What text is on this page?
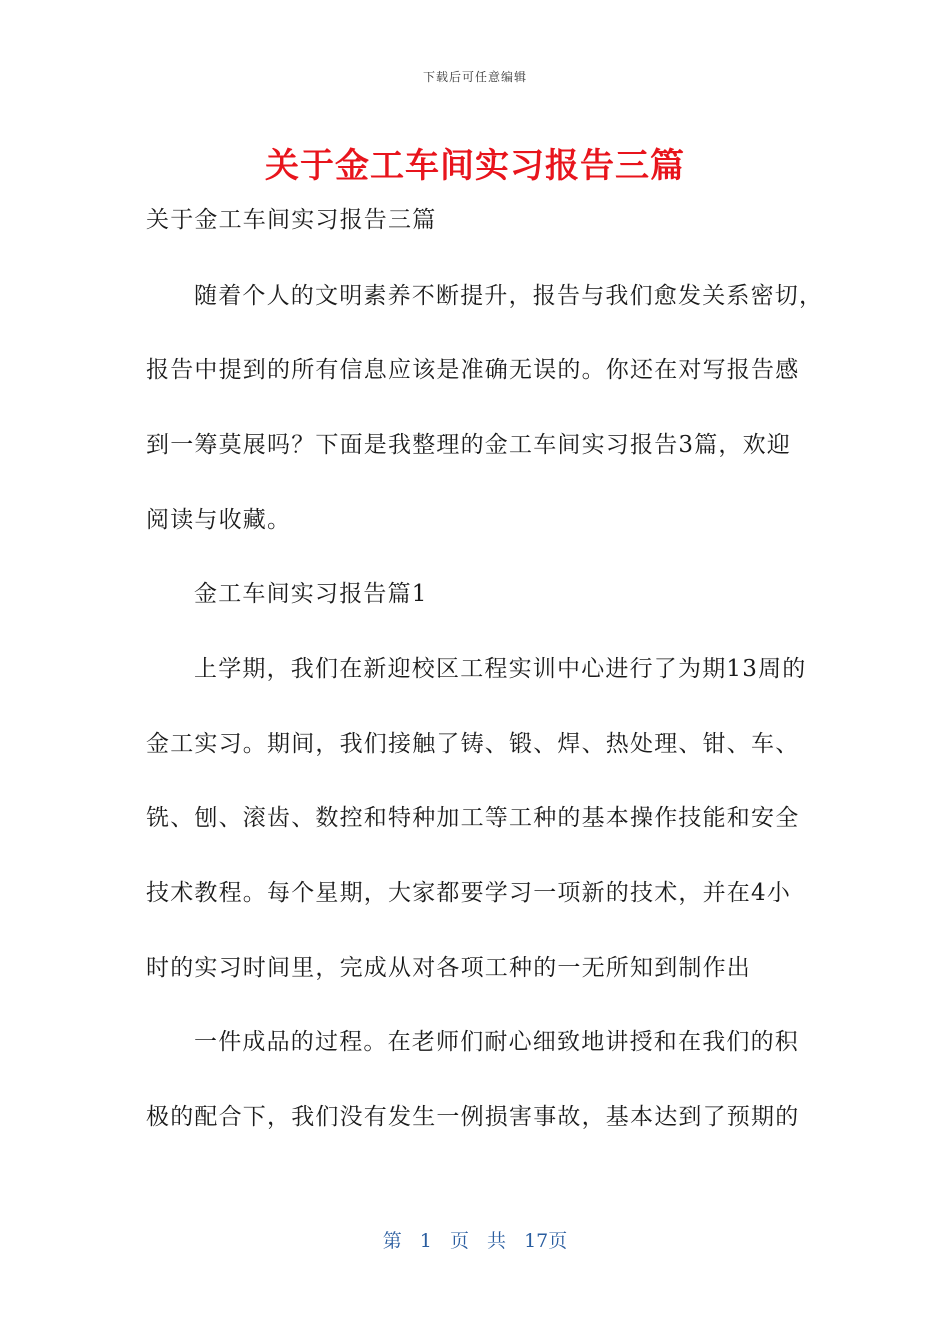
下载后可任意编辑
关于金工车间实习报告三篇
关于金工车间实习报告三篇
随着个人的文明素养不断提升，报告与我们愈发关系密切，
报告中提到的所有信息应该是准确无误的。你还在对写报告感
到一筹莫展吗？下面是我整理的金工车间实习报告3篇，欢迎
阅读与收藏。
金工车间实习报告篇1
上学期，我们在新迎校区工程实训中心进行了为期13周的
金工实习。期间，我们接触了铸、锻、焊、热处理、钳、车、
铣、刨、滚齿、数控和特种加工等工种的基本操作技能和安全
技术教程。每个星期，大家都要学习一项新的技术，并在4小
时的实习时间里，完成从对各项工种的一无所知到制作出
一件成品的过程。在老师们耐心细致地讲授和在我们的积
极的配合下，我们没有发生一例损害事故，基本达到了预期的
第 1 页 共 17页
